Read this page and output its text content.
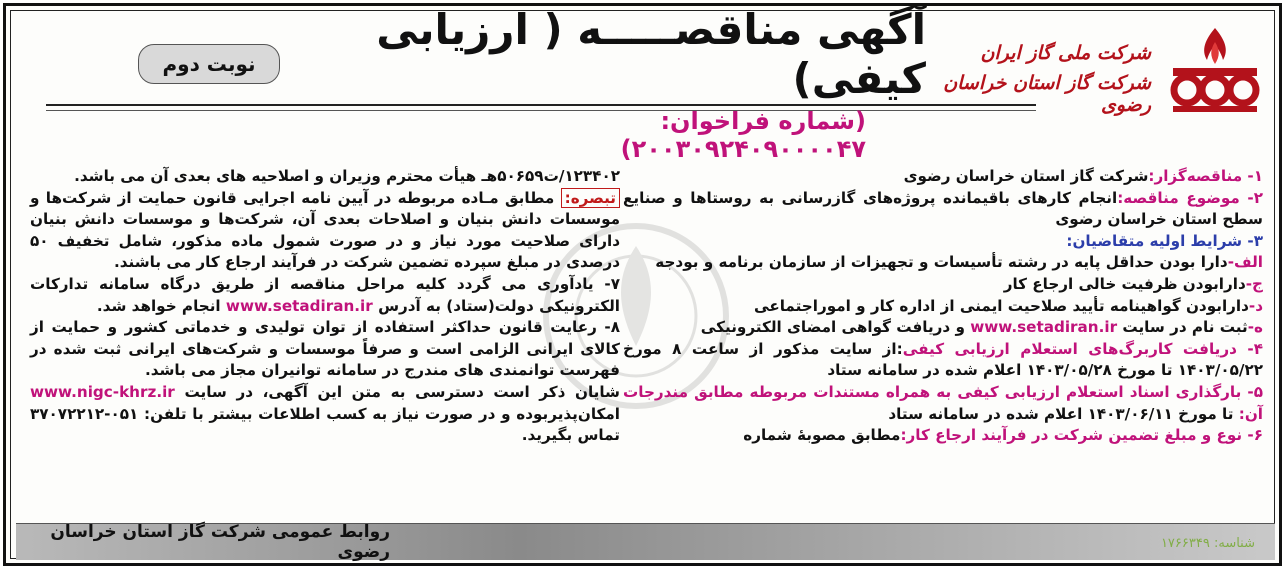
شرکت ملی گاز ایران
شرکت گاز استان خراسان رضوی
آگهی مناقصـــــه ( ارزیابی کیفی)
نوبت دوم
(شماره فراخوان: ۲۰۰۳۰۹۲۴۰۹۰۰۰۰۴۷)

۱- مناقصه‌گزار:شرکت گاز استان خراسان رضوی

۲- موضوع مناقصه:انجام کارهای باقیمانده پروژه‌های گازرسانی به روستاها و صنایع سطح استان خراسان رضوی

۳- شرایط اولیه متقاضیان:

الف-دارا بودن حداقل پایه در رشته تأسیسات و تجهیزات از سازمان برنامه و بودجه

ج-دارابودن ظرفیت خالی ارجاع کار

د-دارابودن گواهینامه تأیید صلاحیت ایمنی از اداره کار و اموراجتماعی

ه-ثبت نام در سایت www.setadiran.ir و دریافت گواهی امضای الکترونیکی

۴- دریافت کاربرگ‌های استعلام ارزیابی کیفی:از سایت مذکور از ساعت ۸ مورخ ۱۴۰۳/۰۵/۲۲ تا مورخ ۱۴۰۳/۰۵/۲۸ اعلام شده در سامانه ستاد

۵- بارگذاری اسناد استعلام ارزیابی کیفی به همراه مستندات مربوطه مطابق مندرجات آن: تا مورخ ۱۴۰۳/۰۶/۱۱ اعلام شده در سامانه ستاد

۶- نوع و مبلغ تضمین شرکت در فرآیند ارجاع کار:مطابق مصوبهٔ شماره

۱۲۳۴۰۲/ت۵۰۶۵۹هـ هیأت محترم وزیران و اصلاحیه های بعدی آن می باشد.

تبصره: مطابق مـاده مربوطه در آیین نامه اجرایی قانون حمایت از شرکت‌ها و موسسات دانش بنیان و اصلاحات بعدی آن، شرکت‌ها و موسسات دانش بنیان دارای صلاحیت مورد نیاز و در صورت شمول ماده مذکور، شامل تخفیف ۵۰ درصدی در مبلغ سپرده تضمین شرکت در فرآیند ارجاع کار می باشند.

۷- یادآوری می گردد کلیه مراحل مناقصه از طریق درگاه سامانه تدارکات الکترونیکی دولت(ستاد) به آدرس www.setadiran.ir انجام خواهد شد.

۸- رعایت قانون حداکثر استفاده از توان تولیدی و خدماتی کشور و حمایت از کالای ایرانی الزامی است و صرفاً موسسات و شرکت‌های ایرانی ثبت شده در فهرست توانمندی های مندرج در سامانه توانیران مجاز می باشد.

شایان ذکر است دسترسی به متن این آگهی، در سایت www.nigc-khrz.ir امکان‌پذیربوده و در صورت نیاز به کسب اطلاعات بیشتر با تلفن: ۰۵۱-۳۷۰۷۲۲۱۲ تماس بگیرید.

روابط عمومی شرکت گاز استان خراسان رضوی	شناسه: ۱۷۶۶۳۴۹
